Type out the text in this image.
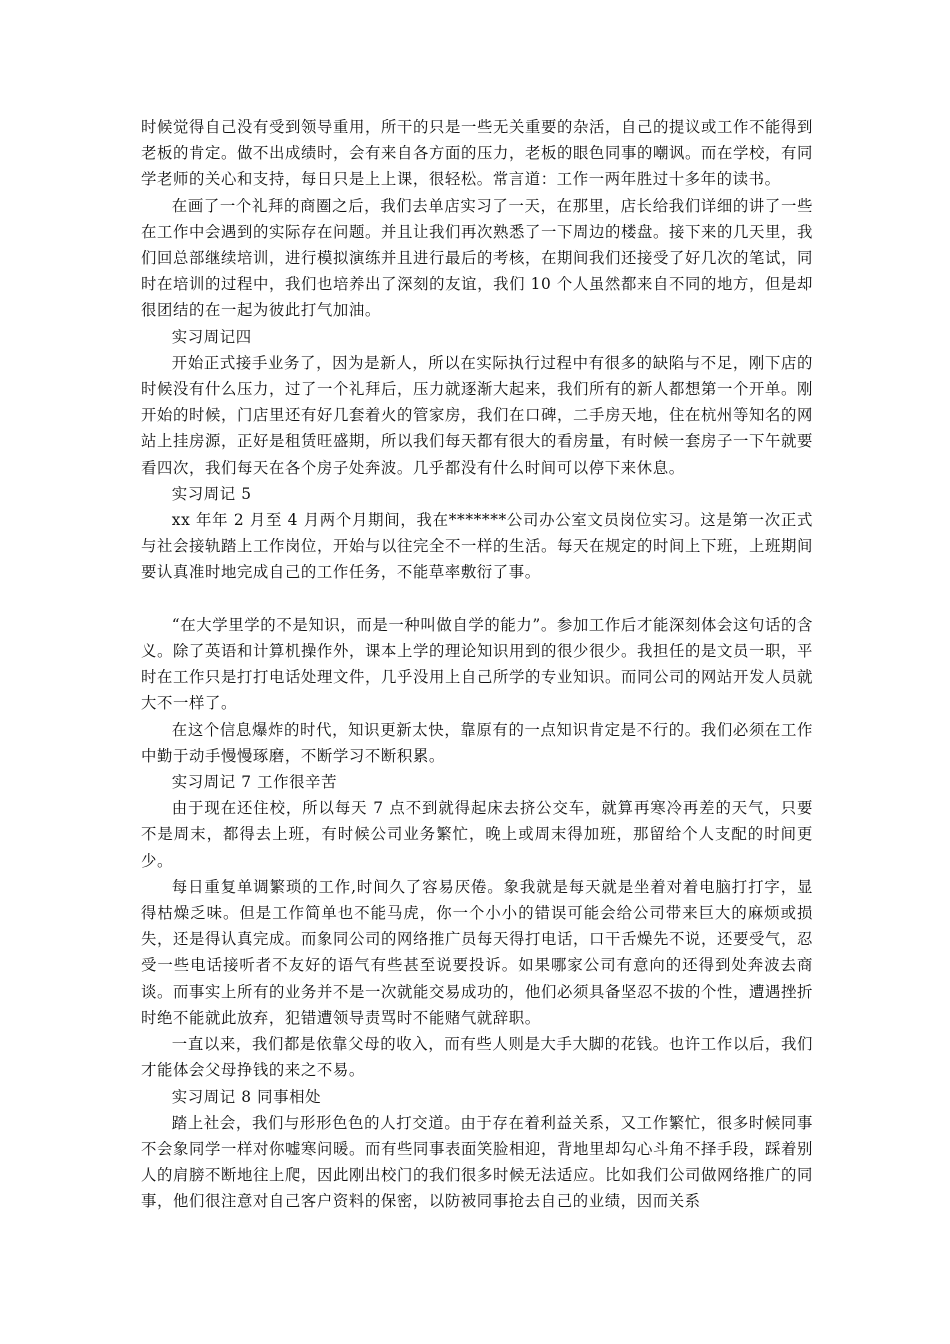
时候觉得自己没有受到领导重用，所干的只是一些无关重要的杂活，自己的提议或工作不能得到老板的肯定。做不出成绩时，会有来自各方面的压力，老板的眼色同事的嘲讽。而在学校，有同学老师的关心和支持，每日只是上上课，很轻松。常言道：工作一两年胜过十多年的读书。

在画了一个礼拜的商圈之后，我们去单店实习了一天，在那里，店长给我们详细的讲了一些在工作中会遇到的实际存在问题。并且让我们再次熟悉了一下周边的楼盘。接下来的几天里，我们回总部继续培训，进行模拟演练并且进行最后的考核，在期间我们还接受了好几次的笔试，同时在培训的过程中，我们也培养出了深刻的友谊，我们 10 个人虽然都来自不同的地方，但是却很团结的在一起为彼此打气加油。

实习周记四

开始正式接手业务了，因为是新人，所以在实际执行过程中有很多的缺陷与不足，刚下店的时候没有什么压力，过了一个礼拜后，压力就逐渐大起来，我们所有的新人都想第一个开单。刚开始的时候，门店里还有好几套着火的管家房，我们在口碑，二手房天地，住在杭州等知名的网站上挂房源，正好是租赁旺盛期，所以我们每天都有很大的看房量，有时候一套房子一下午就要看四次，我们每天在各个房子处奔波。几乎都没有什么时间可以停下来休息。

实习周记 5

xx 年年 2 月至 4 月两个月期间，我在*******公司办公室文员岗位实习。这是第一次正式与社会接轨踏上工作岗位，开始与以往完全不一样的生活。每天在规定的时间上下班，上班期间要认真准时地完成自己的工作任务，不能草率敷衍了事。

“在大学里学的不是知识，而是一种叫做自学的能力”。参加工作后才能深刻体会这句话的含义。除了英语和计算机操作外，课本上学的理论知识用到的很少很少。我担任的是文员一职，平时在工作只是打打电话处理文件，几乎没用上自己所学的专业知识。而同公司的网站开发人员就大不一样了。

在这个信息爆炸的时代，知识更新太快，靠原有的一点知识肯定是不行的。我们必须在工作中勤于动手慢慢琢磨，不断学习不断积累。

实习周记 7 工作很辛苦

由于现在还住校，所以每天 7 点不到就得起床去挤公交车，就算再寒冷再差的天气，只要不是周末，都得去上班，有时候公司业务繁忙，晚上或周末得加班，那留给个人支配的时间更少。

每日重复单调繁琐的工作,时间久了容易厌倦。象我就是每天就是坐着对着电脑打打字，显得枯燥乏味。但是工作简单也不能马虎，你一个小小的错误可能会给公司带来巨大的麻烦或损失，还是得认真完成。而象同公司的网络推广员每天得打电话，口干舌燥先不说，还要受气，忍受一些电话接听者不友好的语气有些甚至说要投诉。如果哪家公司有意向的还得到处奔波去商谈。而事实上所有的业务并不是一次就能交易成功的，他们必须具备坚忍不拔的个性，遭遇挫折时绝不能就此放弃，犯错遭领导责骂时不能赌气就辞职。

一直以来，我们都是依靠父母的收入，而有些人则是大手大脚的花钱。也许工作以后，我们才能体会父母挣钱的来之不易。

实习周记 8 同事相处

踏上社会，我们与形形色色的人打交道。由于存在着利益关系，又工作繁忙，很多时候同事不会象同学一样对你嘘寒问暖。而有些同事表面笑脸相迎，背地里却勾心斗角不择手段，踩着别人的肩膀不断地往上爬，因此刚出校门的我们很多时候无法适应。比如我们公司做网络推广的同事，他们很注意对自己客户资料的保密，以防被同事抢去自己的业绩，因而关系
